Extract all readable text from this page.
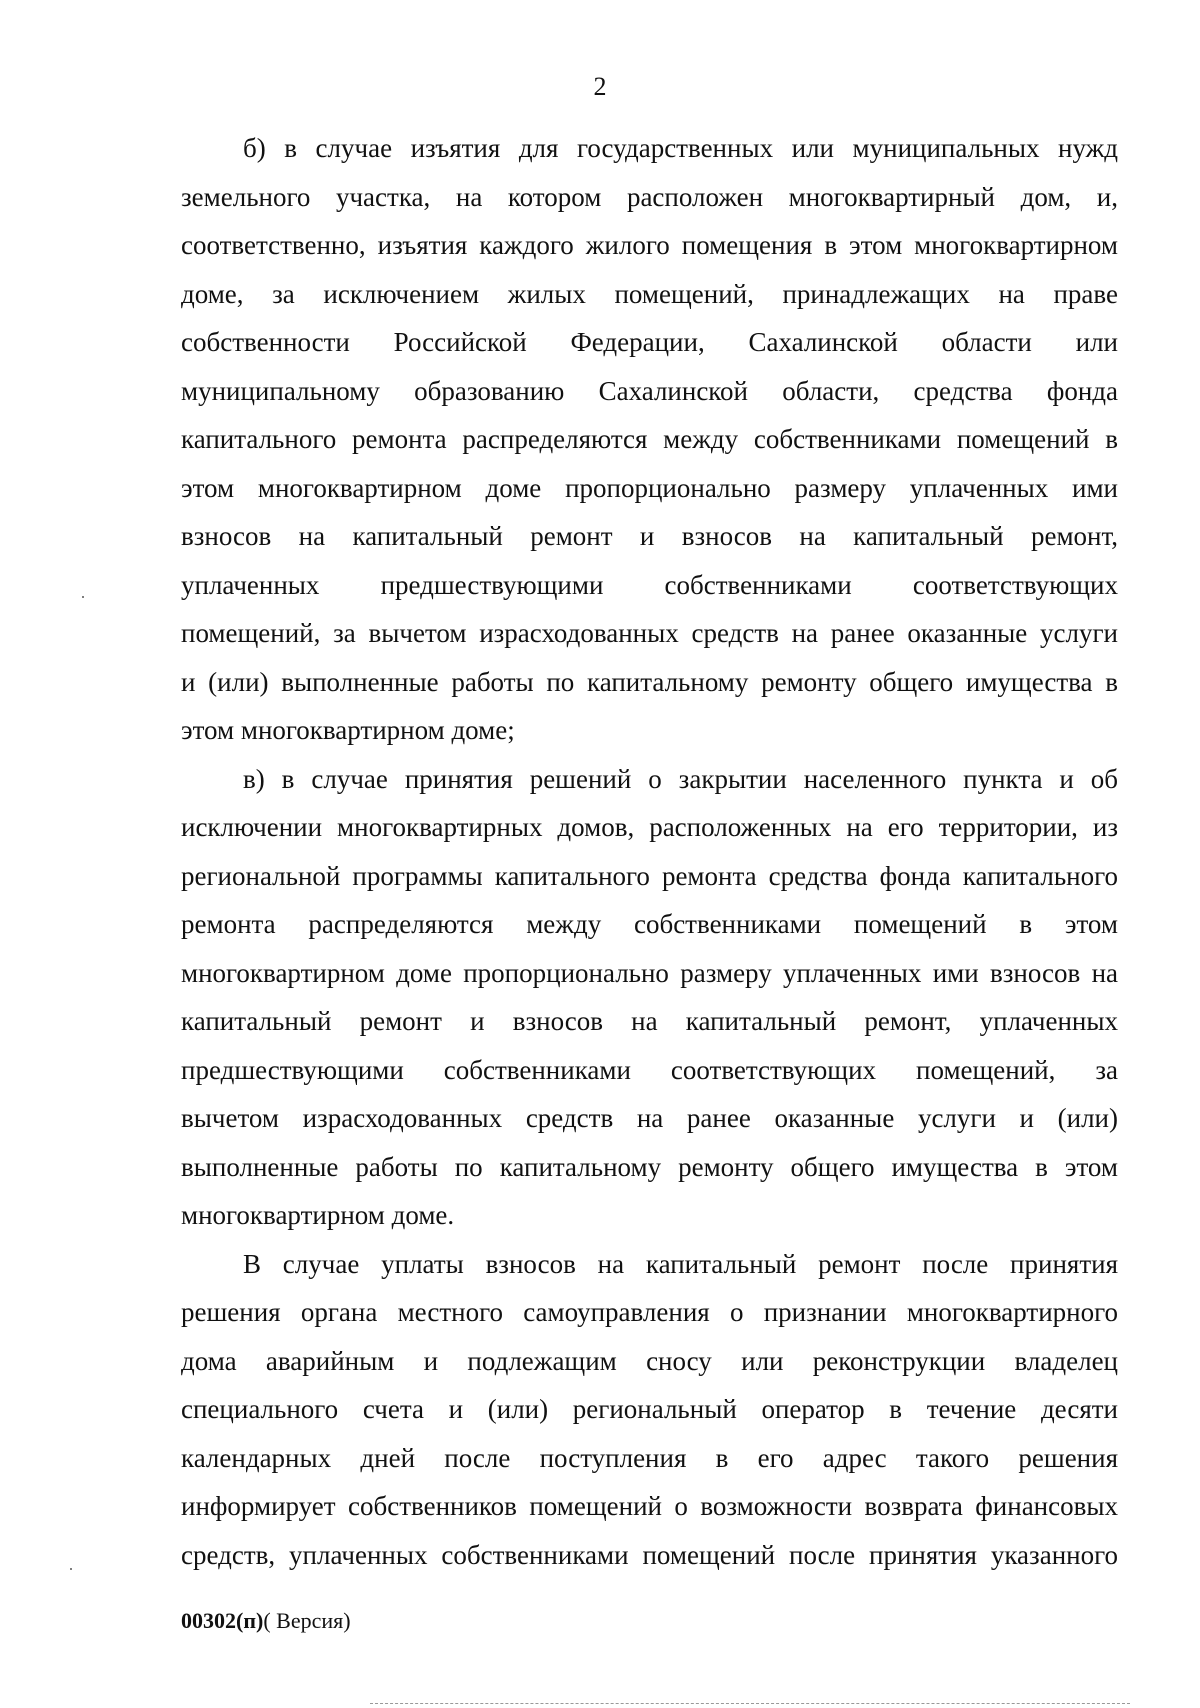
2
б) в случае изъятия для государственных или муниципальных нужд
земельного участка, на котором расположен многоквартирный дом, и,
соответственно, изъятия каждого жилого помещения в этом многоквартирном
доме, за исключением жилых помещений, принадлежащих на праве
собственности Российской Федерации, Сахалинской области или
муниципальному образованию Сахалинской области, средства фонда
капитального ремонта распределяются между собственниками помещений в
этом многоквартирном доме пропорционально размеру уплаченных ими
взносов на капитальный ремонт и взносов на капитальный ремонт,
уплаченных предшествующими собственниками соответствующих
помещений, за вычетом израсходованных средств на ранее оказанные услуги
и (или) выполненные работы по капитальному ремонту общего имущества в
этом многоквартирном доме;
в) в случае принятия решений о закрытии населенного пункта и об
исключении многоквартирных домов, расположенных на его территории, из
региональной программы капитального ремонта средства фонда капитального
ремонта распределяются между собственниками помещений в этом
многоквартирном доме пропорционально размеру уплаченных ими взносов на
капитальный ремонт и взносов на капитальный ремонт, уплаченных
предшествующими собственниками соответствующих помещений, за
вычетом израсходованных средств на ранее оказанные услуги и (или)
выполненные работы по капитальному ремонту общего имущества в этом
многоквартирном доме.
В случае уплаты взносов на капитальный ремонт после принятия
решения органа местного самоуправления о признании многоквартирного
дома аварийным и подлежащим сносу или реконструкции владелец
специального счета и (или) региональный оператор в течение десяти
календарных дней после поступления в его адрес такого решения
информирует собственников помещений о возможности возврата финансовых
средств, уплаченных собственниками помещений после принятия указанного
00302(п)( Версия)
